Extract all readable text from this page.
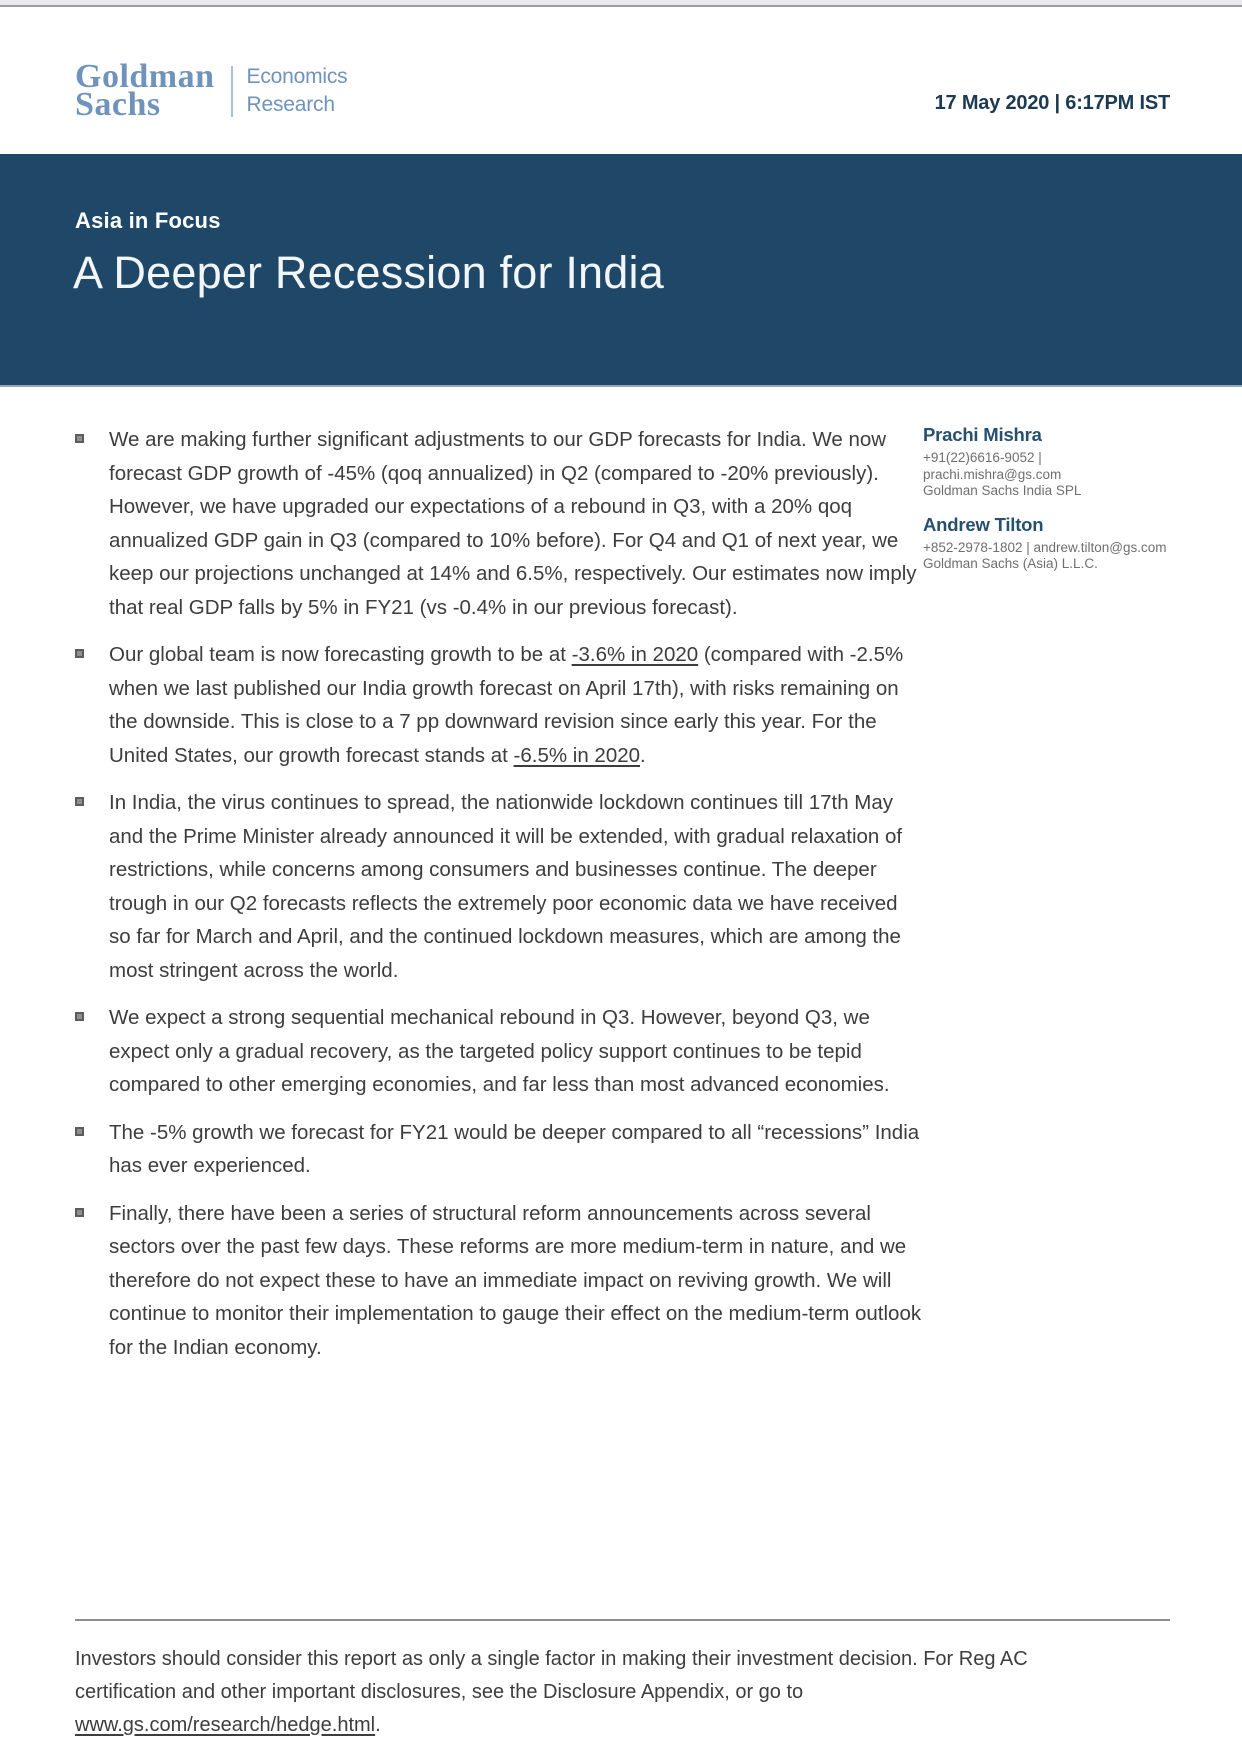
Goldman
Sachs
Economics
Research	17 May 2020 | 6:17PM IST
Asia in Focus
A Deeper Recession for India

We are making further significant adjustments to our GDP forecasts for India. We now forecast GDP growth of -45% (qoq annualized) in Q2 (compared to -20% previously). However, we have upgraded our expectations of a rebound in Q3, with a 20% qoq annualized GDP gain in Q3 (compared to 10% before). For Q4 and Q1 of next year, we keep our projections unchanged at 14% and 6.5%, respectively. Our estimates now imply that real GDP falls by 5% in FY21 (vs -0.4% in our previous forecast).

Our global team is now forecasting growth to be at -3.6% in 2020 (compared with -2.5% when we last published our India growth forecast on April 17th), with risks remaining on the downside. This is close to a 7 pp downward revision since early this year. For the United States, our growth forecast stands at -6.5% in 2020.

In India, the virus continues to spread, the nationwide lockdown continues till 17th May and the Prime Minister already announced it will be extended, with gradual relaxation of restrictions, while concerns among consumers and businesses continue. The deeper trough in our Q2 forecasts reflects the extremely poor economic data we have received so far for March and April, and the continued lockdown measures, which are among the most stringent across the world.

We expect a strong sequential mechanical rebound in Q3. However, beyond Q3, we expect only a gradual recovery, as the targeted policy support continues to be tepid compared to other emerging economies, and far less than most advanced economies.

The -5% growth we forecast for FY21 would be deeper compared to all “recessions” India has ever experienced.

Finally, there have been a series of structural reform announcements across several sectors over the past few days. These reforms are more medium-term in nature, and we therefore do not expect these to have an immediate impact on reviving growth. We will continue to monitor their implementation to gauge their effect on the medium-term outlook for the Indian economy.

Prachi Mishra
+91(22)6616-9052 |
prachi.mishra@gs.com
Goldman Sachs India SPL
Andrew Tilton
+852-2978-1802 | andrew.tilton@gs.com
Goldman Sachs (Asia) L.L.C.

Investors should consider this report as only a single factor in making their investment decision. For Reg AC certification and other important disclosures, see the Disclosure Appendix, or go to www.gs.com/research/hedge.html.
